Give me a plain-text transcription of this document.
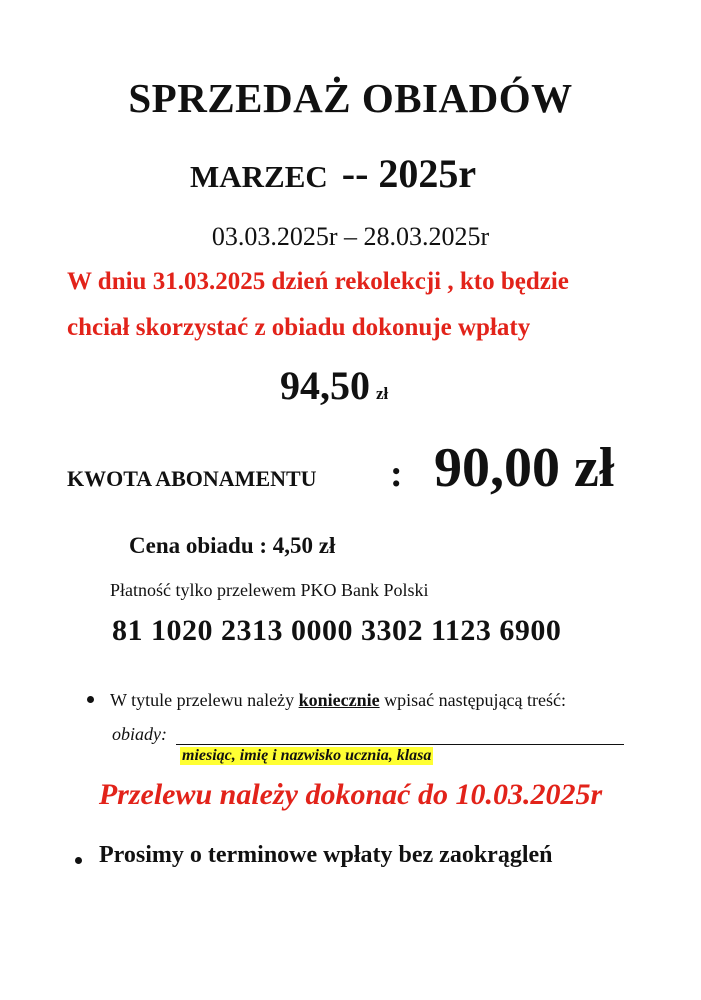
SPRZEDAŻ OBIADÓW
MARZEC -- 2025r
03.03.2025r – 28.03.2025r
W dniu 31.03.2025 dzień rekolekcji , kto będzie
chciał skorzystać z obiadu dokonuje wpłaty
94,50 zł
KWOTA ABONAMENTU : 90,00 zł
Cena obiadu : 4,50 zł
Płatność tylko przelewem PKO Bank Polski
81 1020 2313 0000 3302 1123 6900
W tytule przelewu należy koniecznie wpisać następującą treść:
obiady:
miesiąc, imię i nazwisko ucznia, klasa
Przelewu należy dokonać do 10.03.2025r
Prosimy o terminowe wpłaty bez zaokrągleń
